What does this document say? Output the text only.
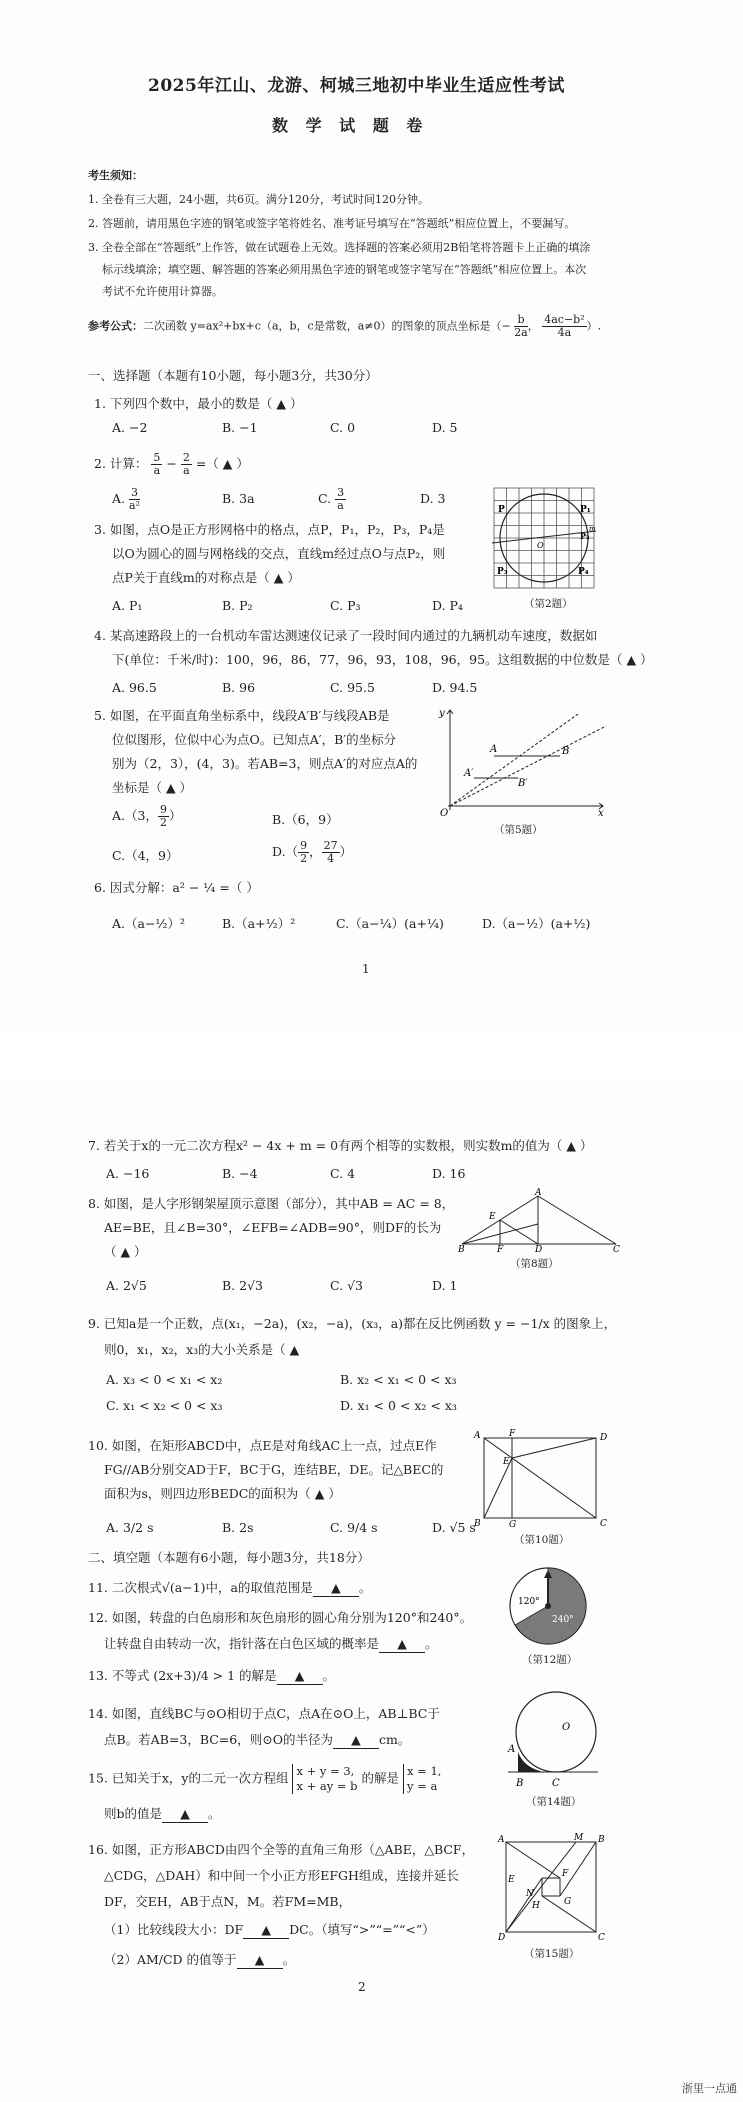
2025年江山、龙游、柯城三地初中毕业生适应性考试
数 学 试 题 卷
考生须知：
1. 全卷有三大题，24小题，共6页。满分120分，考试时间120分钟。
2. 答题前，请用黑色字迹的钢笔或签字笔将姓名、准考证号填写在“答题纸”相应位置上，不要漏写。
3. 全卷全部在“答题纸”上作答，做在试题卷上无效。选择题的答案必须用2B铅笔将答题卡上正确的填涂
标示线填涂；填空题、解答题的答案必须用黑色字迹的钢笔或签字笔写在“答题纸”相应位置上。本次
考试不允许使用计算器。
参考公式：二次函数 y=ax²+bx+c（a，b，c是常数，a≠0）的图象的顶点坐标是（− $\frac{b}{2a}$ ， $\frac{\text{4ac−b²}}{4a}$ ）.
一、选择题（本题有10小题，每小题3分，共30分）
1. 下列四个数中，最小的数是（ ▲ ）
A. −2	B. −1	C. 0	D. 5
2. 计算： $\frac{5}{a} - \frac{2}{a}$ =（ ▲ ）
A. $\frac{3}{\text{a²}}$	B. 3a	C. $\frac{3}{a}$	D. 3
3. 如图，点O是正方形网格中的格点，点P，P₁，P₂，P₃，P₄是
以O为圆心的圆与网格线的交点，直线m经过点O与点P₂，则
点P关于直线m的对称点是（ ▲ ）
A. P₁	B. P₂	C. P₃	D. P₄
P	P₁
O
P₂
m
P₃	P₄
（第2题）
4. 某高速路段上的一台机动车雷达测速仪记录了一段时间内通过的九辆机动车速度，数据如
下(单位：千米/时)：100，96，86，77，96，93，108，96，95。这组数据的中位数是（ ▲ ）
A. 96.5	B. 96	C. 95.5	D. 94.5
5. 如图，在平面直角坐标系中，线段A′B′与线段AB是
位似图形，位似中心为点O。已知点A′，B′的坐标分
别为（2，3），(4，3)。若AB=3，则点A′的对应点A的
坐标是（ ▲ ）
A.（3， $\frac{9}{2}$ ）	B.（6，9）
C.（4，9）	$D.( \frac{9}{2}$ ， $\frac{27}{4}$ ）
y
A	B
A′
B′
O	x
（第5题）
6. 因式分解：a² − ¼ =（ ）
A.（a−½）²	B.（a+½）²	C.（a−¼）(a+¼)	D.（a−½）(a+½)
1
7. 若关于x的一元二次方程x² − 4x + m = 0有两个相等的实数根，则实数m的值为（ ▲ ）
A. −16	B. −4	C. 4	D. 16
8. 如图，是人字形钢架屋顶示意图（部分），其中AB = AC = 8，
AE=BE，且∠B=30°，∠EFB=∠ADB=90°，则DF的长为
（ ▲ ）
A. 2√5	B. 2√3	C. √3	D. 1
A
E
B	F	D	C
（第8题）
9. 已知a是一个正数，点(x₁，−2a)，(x₂，−a)，(x₃，a)都在反比例函数 y = −1/x 的图象上，
则0，x₁，x₂，x₃的大小关系是（ ▲
A. x₃ < 0 < x₁ < x₂	B. x₂ < x₁ < 0 < x₃
C. x₁ < x₂ < 0 < x₃	D. x₁ < 0 < x₂ < x₃
10. 如图，在矩形ABCD中，点E是对角线AC上一点，过点E作
FG//AB分别交AD于F，BC于G，连结BE，DE。记△BEC的
面积为s，则四边形BEDC的面积为（ ▲ ）
A. 3/2 s	B. 2s	C. 9/4 s	D. √5 s
A	F	D
E
B	G	C
（第10题）
二、填空题（本题有6小题，每小题3分，共18分）
11. 二次根式√(a−1)中，a的取值范围是 ▲ 。
12. 如图，转盘的白色扇形和灰色扇形的圆心角分别为120°和240°。
让转盘自由转动一次，指针落在白色区域的概率是 ▲ 。
120°
240°
（第12题）
13. 不等式 (2x+3)/4 > 1 的解是 ▲ 。
14. 如图，直线BC与⊙O相切于点C，点A在⊙O上，AB⊥BC于
点B。若AB=3，BC=6，则⊙O的半径为 ▲ cm。
O
A
B	C
（第14题）
15. 已知关于x，y的二元一次方程组 x + y = 3,
x + ay = b
的解是 x = 1,
y = a
则b的值是 ▲ 。
16. 如图，正方形ABCD由四个全等的直角三角形（△ABE，△BCF，
△CDG，△DAH）和中间一个小正方形EFGH组成，连接并延长
DF，交EH，AB于点N，M。若FM=MB，
（1）比较线段大小：DF ▲ DC。（填写“>”“=”“<”）
（2）AM/CD 的值等于 ▲ 。
A	M B
E
N
F
H	G
D	C
（第15题）
2
浙里一点通
